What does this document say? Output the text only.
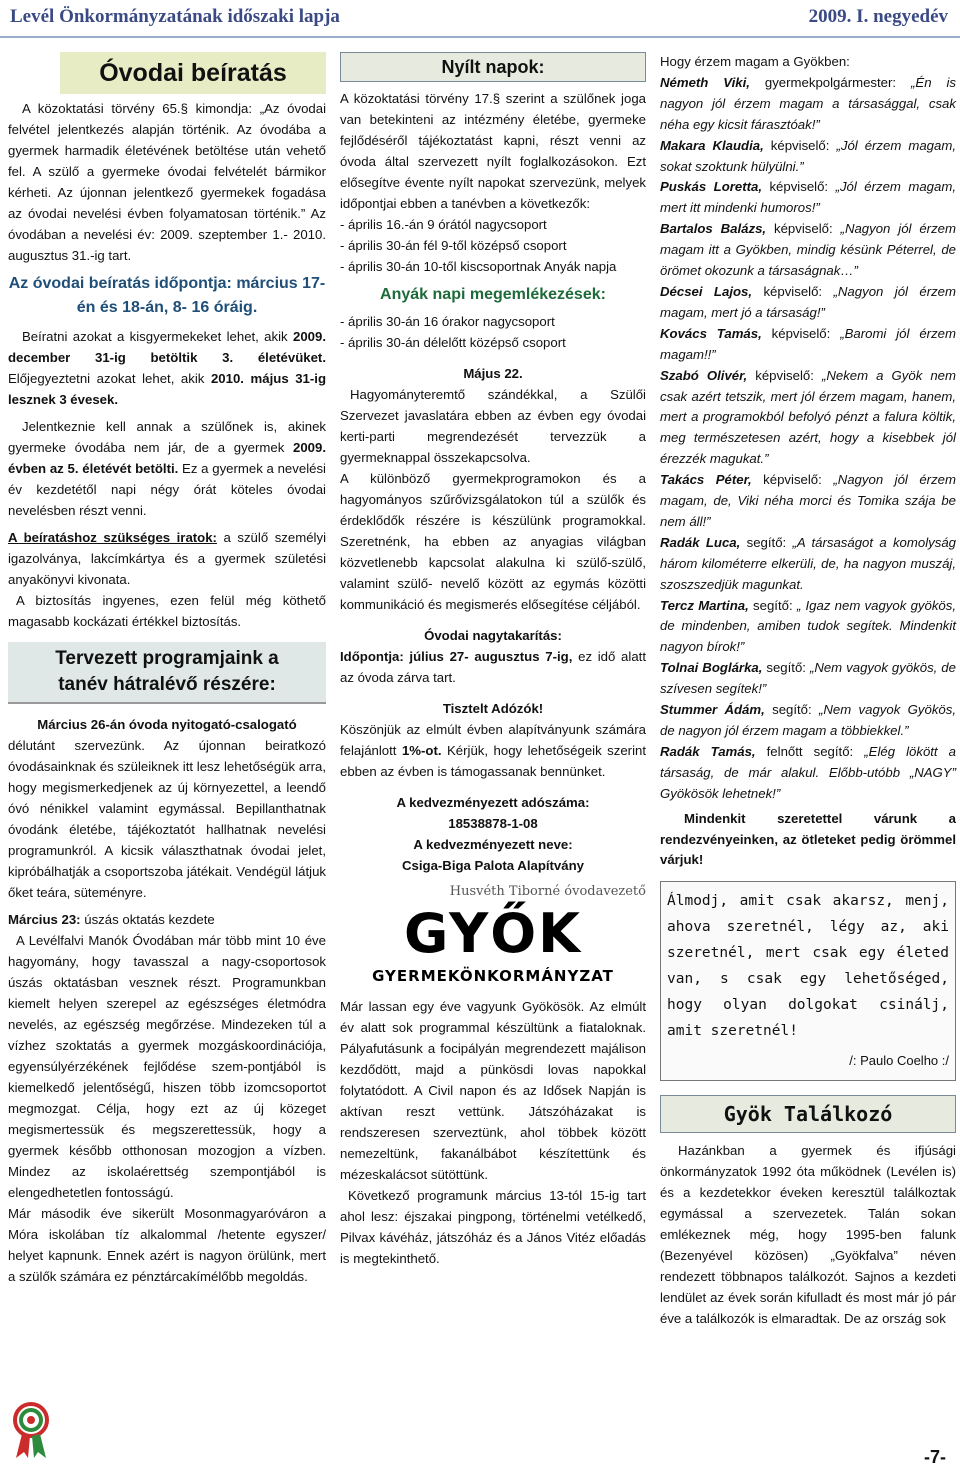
Levél Önkormányzatának időszaki lapja	2009. I. negyedév
Óvodai beíratás

A közoktatási törvény 65.§ kimondja: „Az óvodai felvétel jelentkezés alapján történik. Az óvodába a gyermek harmadik életévének betöltése után vehető fel. A szülő a gyermeke óvodai felvételét bármikor kérheti. Az újonnan jelentkező gyermekek fogadása az óvodai nevelési évben folyamatosan történik.” Az óvodában a nevelési év: 2009. szeptember 1.- 2010. augusztus 31.-ig tart.

Az óvodai beíratás időpontja: március 17-én és 18-án, 8- 16 óráig.

Beíratni azokat a kisgyermekeket lehet, akik 2009. december 31-ig betöltik 3. életévüket. Előjegyeztetni azokat lehet, akik 2010. május 31-ig lesznek 3 évesek.

Jelentkeznie kell annak a szülőnek is, akinek gyermeke óvodába nem jár, de a gyermek 2009. évben az 5. életévét betölti. Ez a gyermek a nevelési év kezdetétől napi négy órát köteles óvodai nevelésben részt venni.

A beíratáshoz szükséges iratok: a szülő személyi igazolványa, lakcímkártya és a gyermek születési anyakönyvi kivonata.

A biztosítás ingyenes, ezen felül még köthető magasabb kockázati értékkel biztosítás.

Tervezett programjaink a tanév hátralévő részére:

Március 26-án óvoda nyitogató-csalogató

délutánt szervezünk. Az újonnan beiratkozó óvodásainknak és szüleiknek itt lesz lehetőségük arra, hogy megismerkedjenek az új környezettel, a leendő óvó nénikkel valamint egymással. Bepillanthatnak óvodánk életébe, tájékoztatót hallhatnak nevelési programunkról. A kicsik választhatnak óvodai jelet, kipróbálhatják a csoportszoba játékait. Vendégül látjuk őket teára, süteményre.

Március 23: úszás oktatás kezdete

A Levélfalvi Manók Óvodában már több mint 10 éve hagyomány, hogy tavasszal a nagy-csoportosok úszás oktatásban vesznek részt. Programunkban kiemelt helyen szerepel az egészséges életmódra nevelés, az egészség megőrzése. Mindezeken túl a vízhez szoktatás a gyermek mozgáskoordinációja, egyensúlyérzékének fejlődése szem-pontjából is kiemelkedő jelentőségű, hiszen több izomcsoportot megmozgat. Célja, hogy ezt az új közeget megismertessük és megszerettessük, hogy a gyermek később otthonosan mozogjon a vízben. Mindez az iskolaérettség szempontjából is elengedhetetlen fontosságú.

Már második éve sikerült Mosonmagyaróváron a Móra iskolában tíz alkalommal /hetente egyszer/ helyet kapnunk. Ennek azért is nagyon örülünk, mert a szülők számára ez pénztárcakímélőbb megoldás.

Nyílt napok:

A közoktatási törvény 17.§ szerint a szülőnek joga van betekinteni az intézmény életébe, gyermeke fejlődéséről tájékoztatást kapni, részt venni az óvoda által szervezett nyílt foglalkozásokon. Ezt elősegítve évente nyílt napokat szervezünk, melyek időpontjai ebben a tanévben a következők:

- április 16.-án 9 órától nagycsoport

- április 30-án fél 9-től középső csoport

- április 30-án 10-től kiscsoportnak Anyák napja

Anyák napi megemlékezések:

- április 30-án 16 órakor nagycsoport

- április 30-án délelőtt középső csoport

Május 22.

Hagyományteremtő szándékkal, a Szülői Szervezet javaslatára ebben az évben egy óvodai kerti-parti megrendezését tervezzük a gyermeknappal összekapcsolva.

A különböző gyermekprogramokon és a hagyományos szűrővizsgálatokon túl a szülők és érdeklődők részére is készülünk programokkal. Szeretnénk, ha ebben az anyagias világban közvetlenebb kapcsolat alakulna ki szülő-szülő, valamint szülő- nevelő között az egymás közötti kommunikáció és megismerés elősegítése céljából.

Óvodai nagytakarítás:

Időpontja: július 27- augusztus 7-ig, ez idő alatt az óvoda zárva tart.

Tisztelt Adózók!

Köszönjük az elmúlt évben alapítványunk számára felajánlott 1%-ot. Kérjük, hogy lehetőségeik szerint ebben az évben is támogassanak bennünket.

A kedvezményezett adószáma:

18538878-1-08

A kedvezményezett neve:

Csiga-Biga Palota Alapítvány

Husvéth Tiborné óvodavezető
GYŐK
GYERMEKÖNKORMÁNYZAT

Már lassan egy éve vagyunk Gyökösök. Az elmúlt év alatt sok programmal készültünk a fiataloknak. Pályafutásunk a focipályán megrendezett majálison kezdődött, majd a pünkösdi lovas napokkal folytatódott. A Civil napon és az Idősek Napján is aktívan reszt vettünk. Játszóházakat is rendszeresen szerveztünk, ahol többek között nemezeltünk, fakanálbábot készítettünk és mézeskalácsot sütöttünk.

Következő programunk március 13-tól 15-ig tart ahol lesz: éjszakai pingpong, történelmi vetélkedő, Pilvax kávéház, játszóház és a János Vitéz előadás is megtekinthető.

Hogy érzem magam a Gyökben:

Németh Viki, gyermekpolgármester: „Én is nagyon jól érzem magam a társasággal, csak néha egy kicsit fárasztóak!”

Makara Klaudia, képviselő: „Jól érzem magam, sokat szoktunk hülyülni.”

Puskás Loretta, képviselő: „Jól érzem magam, mert itt mindenki humoros!”

Bartalos Balázs, képviselő: „Nagyon jól érzem magam itt a Gyökben, mindig késünk Péterrel, de örömet okozunk a társaságnak…”

Décsei Lajos, képviselő: „Nagyon jól érzem magam, mert jó a társaság!”

Kovács Tamás, képviselő: „Baromi jól érzem magam!!”

Szabó Olivér, képviselő: „Nekem a Gyök nem csak azért tetszik, mert jól érzem magam, hanem, mert a programokból befolyó pénzt a falura költik, meg természetesen azért, hogy a kisebbek jól érezzék magukat.”

Takács Péter, képviselő: „Nagyon jól érzem magam, de, Viki néha morci és Tomika szája be nem áll!”

Radák Luca, segítő: „A társaságot a komolyság három kilométerre elkerüli, de, ha nagyon muszáj, szoszszedjük magunkat.

Tercz Martina, segítő: „ Igaz nem vagyok gyökös, de mindenben, amiben tudok segítek. Mindenkit nagyon bírok!”

Tolnai Boglárka, segítő: „Nem vagyok gyökös, de szívesen segítek!”

Stummer Ádám, segítő: „Nem vagyok Gyökös, de nagyon jól érzem magam a többiekkel.”

Radák Tamás, felnőtt segítő: „Elég lökött a társaság, de már alakul. Előbb-utóbb „NAGY” Gyökösök lehetnek!”

Mindenkit szeretettel várunk a rendezvényeinken, az ötleteket pedig örömmel várjuk!

Álmodj, amit csak akarsz, menj, ahova szeretnél, légy az, aki szeretnél, mert csak egy életed van, s csak egy lehetőséged, hogy olyan dolgokat csinálj, amit szeretnél!
/: Paulo Coelho :/
Gyök Találkozó

Hazánkban a gyermek és ifjúsági önkormányzatok 1992 óta működnek (Levélen is) és a kezdetekkor éveken keresztül találkoztak egymással a szervezetek. Talán sokan emlékeznek még, hogy 1995-ben falunk (Bezenyével közösen) „Gyökfalva” néven rendezett többnapos találkozót. Sajnos a kezdeti lendület az évek során kifulladt és most már jó pár éve a találkozók is elmaradtak. De az ország sok

-7-
